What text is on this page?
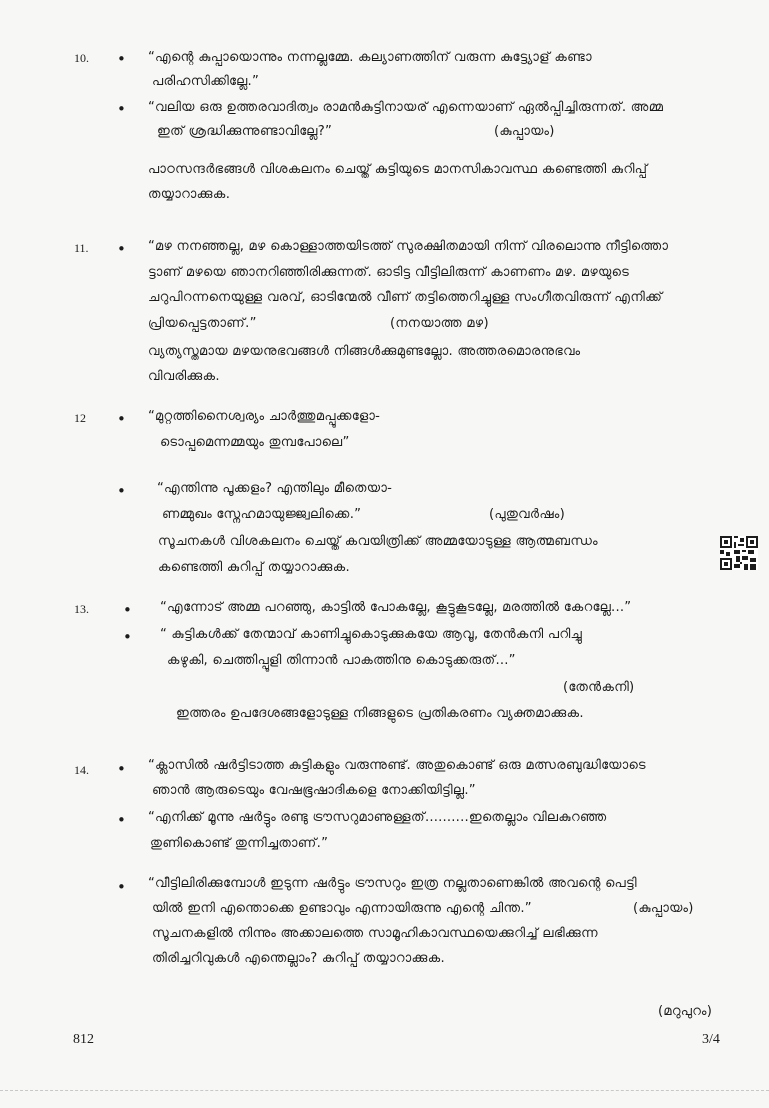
10. • “എന്റെ കുപ്പായൊന്നും നന്നല്ലമ്മേ. കല്യാണത്തിന് വരുന്ന കുട്ട്യോള് കണ്ടാ
പരിഹസിക്കില്ലേ.”
• “വലിയ ഒരു ഉത്തരവാദിത്വം രാമൻകുട്ടിനായര് എന്നെയാണ് ഏൽപ്പിച്ചിരുന്നത്. അമ്മ
ഇത് ശ്രദ്ധിക്കുന്നുണ്ടാവില്ലേ?”	(കുപ്പായം)
പാഠസന്ദർഭങ്ങൾ വിശകലനം ചെയ്ത് കുട്ടിയുടെ മാനസികാവസ്ഥ കണ്ടെത്തി കുറിപ്പ്
തയ്യാറാക്കുക.
11. • “മഴ നനഞ്ഞല്ല, മഴ കൊള്ളാത്തയിടത്ത് സുരക്ഷിതമായി നിന്ന് വിരലൊന്നു നീട്ടിത്തൊ
ട്ടാണ് മഴയെ ഞാനറിഞ്ഞിരിക്കുന്നത്. ഓടിട്ട വീട്ടിലിരുന്ന് കാണണം മഴ. മഴയുടെ
ചറുപിറന്നനെയുള്ള വരവ്, ഓടിന്മേൽ വീണ് തട്ടിത്തെറിച്ചുള്ള സംഗീതവിരുന്ന് എനിക്ക്
പ്രിയപ്പെട്ടതാണ്.”	(നനയാത്ത മഴ)
വ്യത്യസ്തമായ മഴയനുഭവങ്ങൾ നിങ്ങൾക്കുമുണ്ടല്ലോ. അത്തരമൊരനുഭവം
വിവരിക്കുക.
12 • “മുറ്റത്തിനൈശ്വര്യം ചാർത്തുമപ്പൂക്കളോ-
ടൊപ്പമെന്നമ്മയും തുമ്പപോലെ”
• “എന്തിന്നു പൂക്കളം? എന്തിലും മീതെയാ-
ണമ്മുഖം സ്നേഹമായുജ്ജ്വലിക്കെ.”	(പുതുവർഷം)
സൂചനകൾ വിശകലനം ചെയ്ത് കവയിത്രിക്ക് അമ്മയോടുള്ള ആത്മബന്ധം
കണ്ടെത്തി കുറിപ്പ് തയ്യാറാക്കുക.
13. • “എന്നോട് അമ്മ പറഞ്ഞു, കാട്ടിൽ പോകല്ലേ, കൂട്ടുകൂടല്ലേ, മരത്തിൽ കേറല്ലേ...”
• “ കുട്ടികൾക്ക് തേന്മാവ് കാണിച്ചുകൊടുക്കുകയേ ആവൂ, തേൻകനി പറിച്ചു
കഴുകി, ചെത്തിപ്പൂളി തിന്നാൻ പാകത്തിനു കൊടുക്കരുത്...”
(തേൻകനി)
ഇത്തരം ഉപദേശങ്ങളോടുള്ള നിങ്ങളുടെ പ്രതികരണം വ്യക്തമാക്കുക.
14. • “ക്ലാസിൽ ഷർട്ടിടാത്ത കുട്ടികളും വരുന്നുണ്ട്. അതുകൊണ്ട് ഒരു മത്സരബുദ്ധിയോടെ
ഞാൻ ആരുടെയും വേഷഭൂഷാദികളെ നോക്കിയിട്ടില്ല.”
• “എനിക്ക് മൂന്നു ഷർട്ടും രണ്ടു ട്രൗസറുമാണുള്ളത്..........ഇതെല്ലാം വിലകുറഞ്ഞ
തുണികൊണ്ട് തുന്നിച്ചതാണ്.”
• “വീട്ടിലിരിക്കുമ്പോൾ ഇടുന്ന ഷർട്ടും ട്രൗസറും ഇത്ര നല്ലതാണെങ്കിൽ അവന്റെ പെട്ടി
യിൽ ഇനി എന്തൊക്കെ ഉണ്ടാവും എന്നായിരുന്നു എന്റെ ചിന്ത.”	(കുപ്പായം)
സൂചനകളിൽ നിന്നും അക്കാലത്തെ സാമൂഹികാവസ്ഥയെക്കുറിച്ച് ലഭിക്കുന്ന
തിരിച്ചറിവുകൾ എന്തെല്ലാം? കുറിപ്പ് തയ്യാറാക്കുക.
(മറുപുറം)
812	3/4
